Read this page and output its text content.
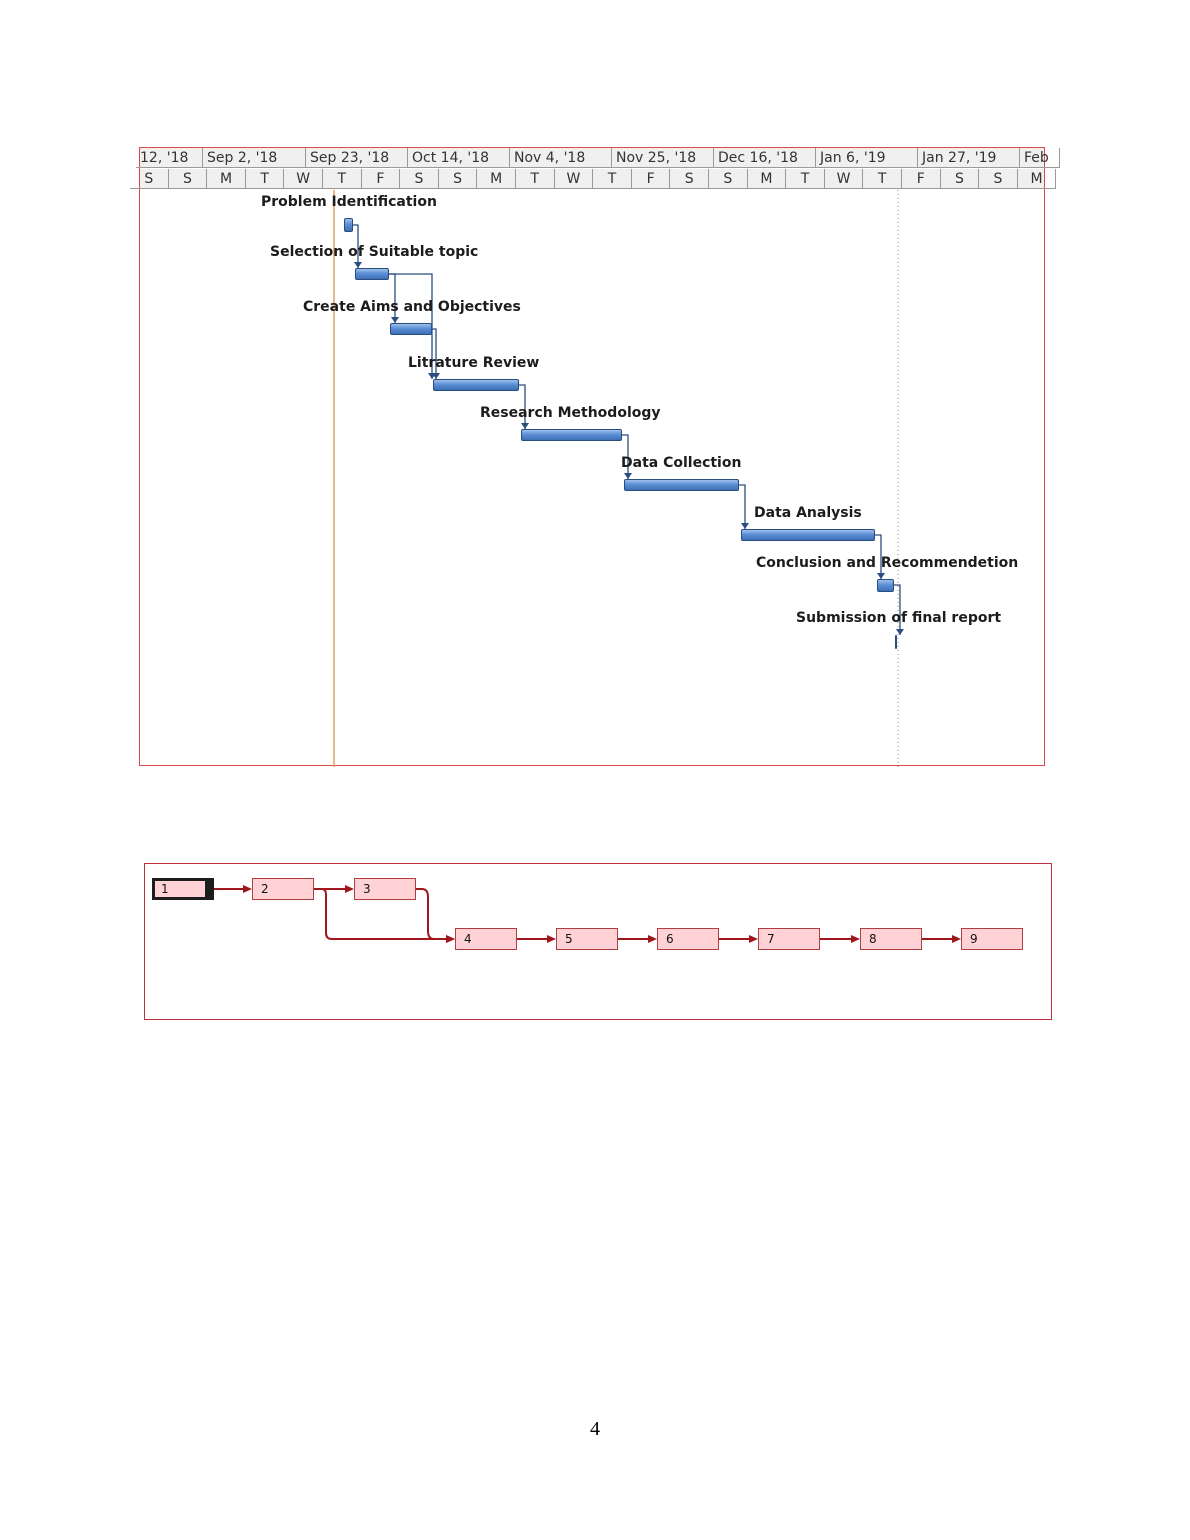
12, '18	Sep 2, '18	Sep 23, '18	Oct 14, '18	Nov 4, '18	Nov 25, '18	Dec 16, '18	Jan 6, '19	Jan 27, '19	Feb
S	S	M	T	W	T	F	S	S	M	T	W	T	F	S	S	M	T	W	T	F	S	S	M
Problem Identification
Selection of Suitable topic
Create Aims and Objectives
Litrature Review
Research Methodology
Data Collection
Data Analysis
Conclusion and Recommendetion
Submission of final report
1	2	3
4	5	6	7	8	9
4
